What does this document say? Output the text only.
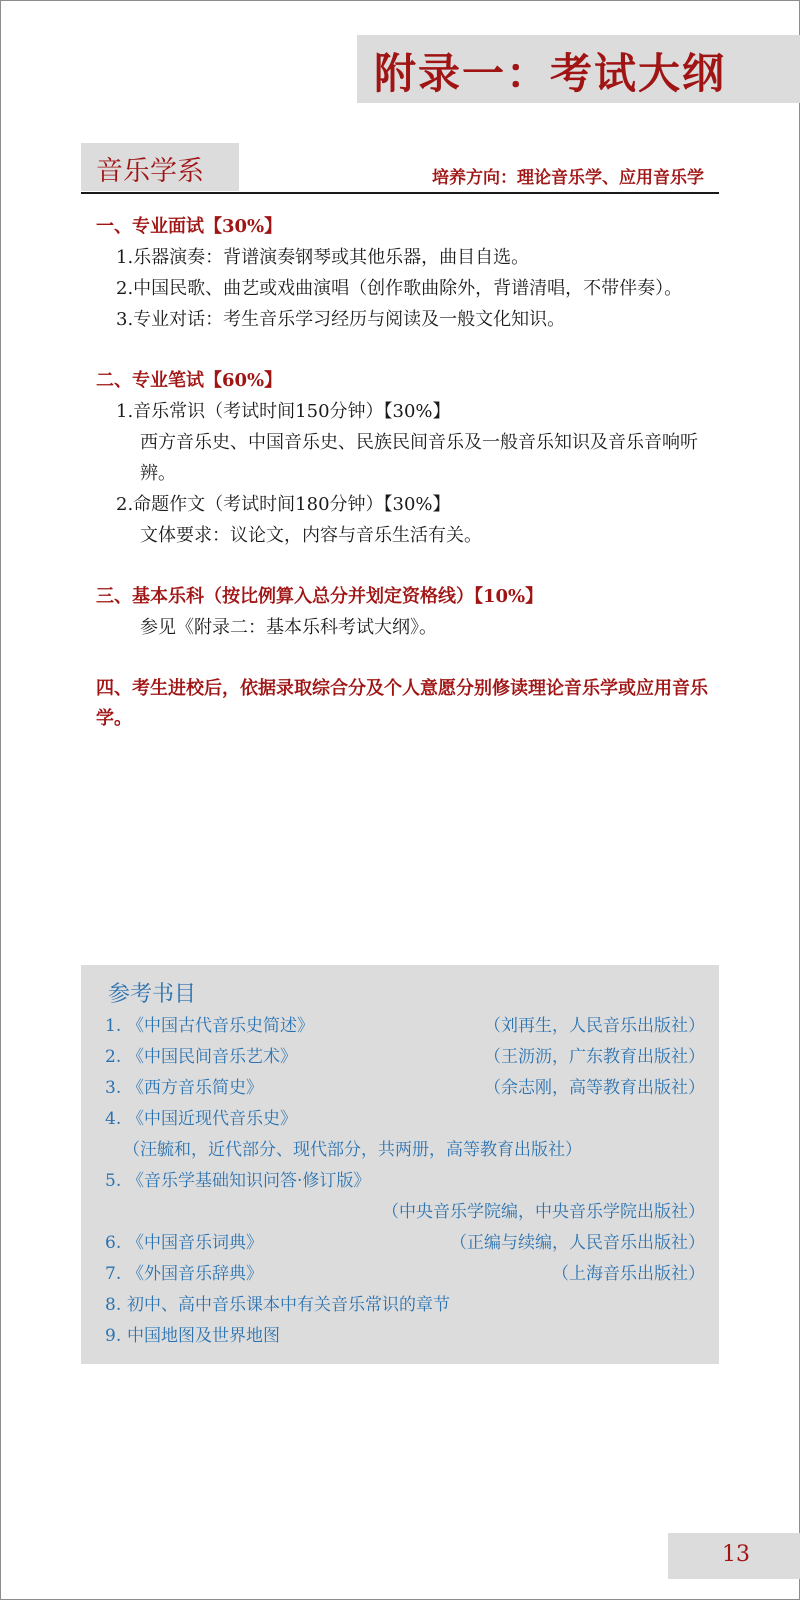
附录一：考试大纲
音乐学系	培养方向：理论音乐学、应用音乐学
一、专业面试【30%】
1.乐器演奏：背谱演奏钢琴或其他乐器，曲目自选。
2.中国民歌、曲艺或戏曲演唱（创作歌曲除外，背谱清唱，不带伴奏）。
3.专业对话：考生音乐学习经历与阅读及一般文化知识。
二、专业笔试【60%】
1.音乐常识（考试时间150分钟）【30%】
西方音乐史、中国音乐史、民族民间音乐及一般音乐知识及音乐音响听辨。
2.命题作文（考试时间180分钟）【30%】
文体要求：议论文，内容与音乐生活有关。
三、基本乐科（按比例算入总分并划定资格线）【10%】
参见《附录二：基本乐科考试大纲》。
四、考生进校后，依据录取综合分及个人意愿分别修读理论音乐学或应用音乐学。
参考书目
1. 《中国古代音乐史简述》	（刘再生，人民音乐出版社）
2. 《中国民间音乐艺术》	（王沥沥，广东教育出版社）
3. 《西方音乐简史》	（余志刚，高等教育出版社）
4. 《中国近现代音乐史》
（汪毓和，近代部分、现代部分，共两册，高等教育出版社）
5. 《音乐学基础知识问答·修订版》
（中央音乐学院编，中央音乐学院出版社）
6. 《中国音乐词典》	（正编与续编，人民音乐出版社）
7. 《外国音乐辞典》	（上海音乐出版社）
8. 初中、高中音乐课本中有关音乐常识的章节
9. 中国地图及世界地图
13
